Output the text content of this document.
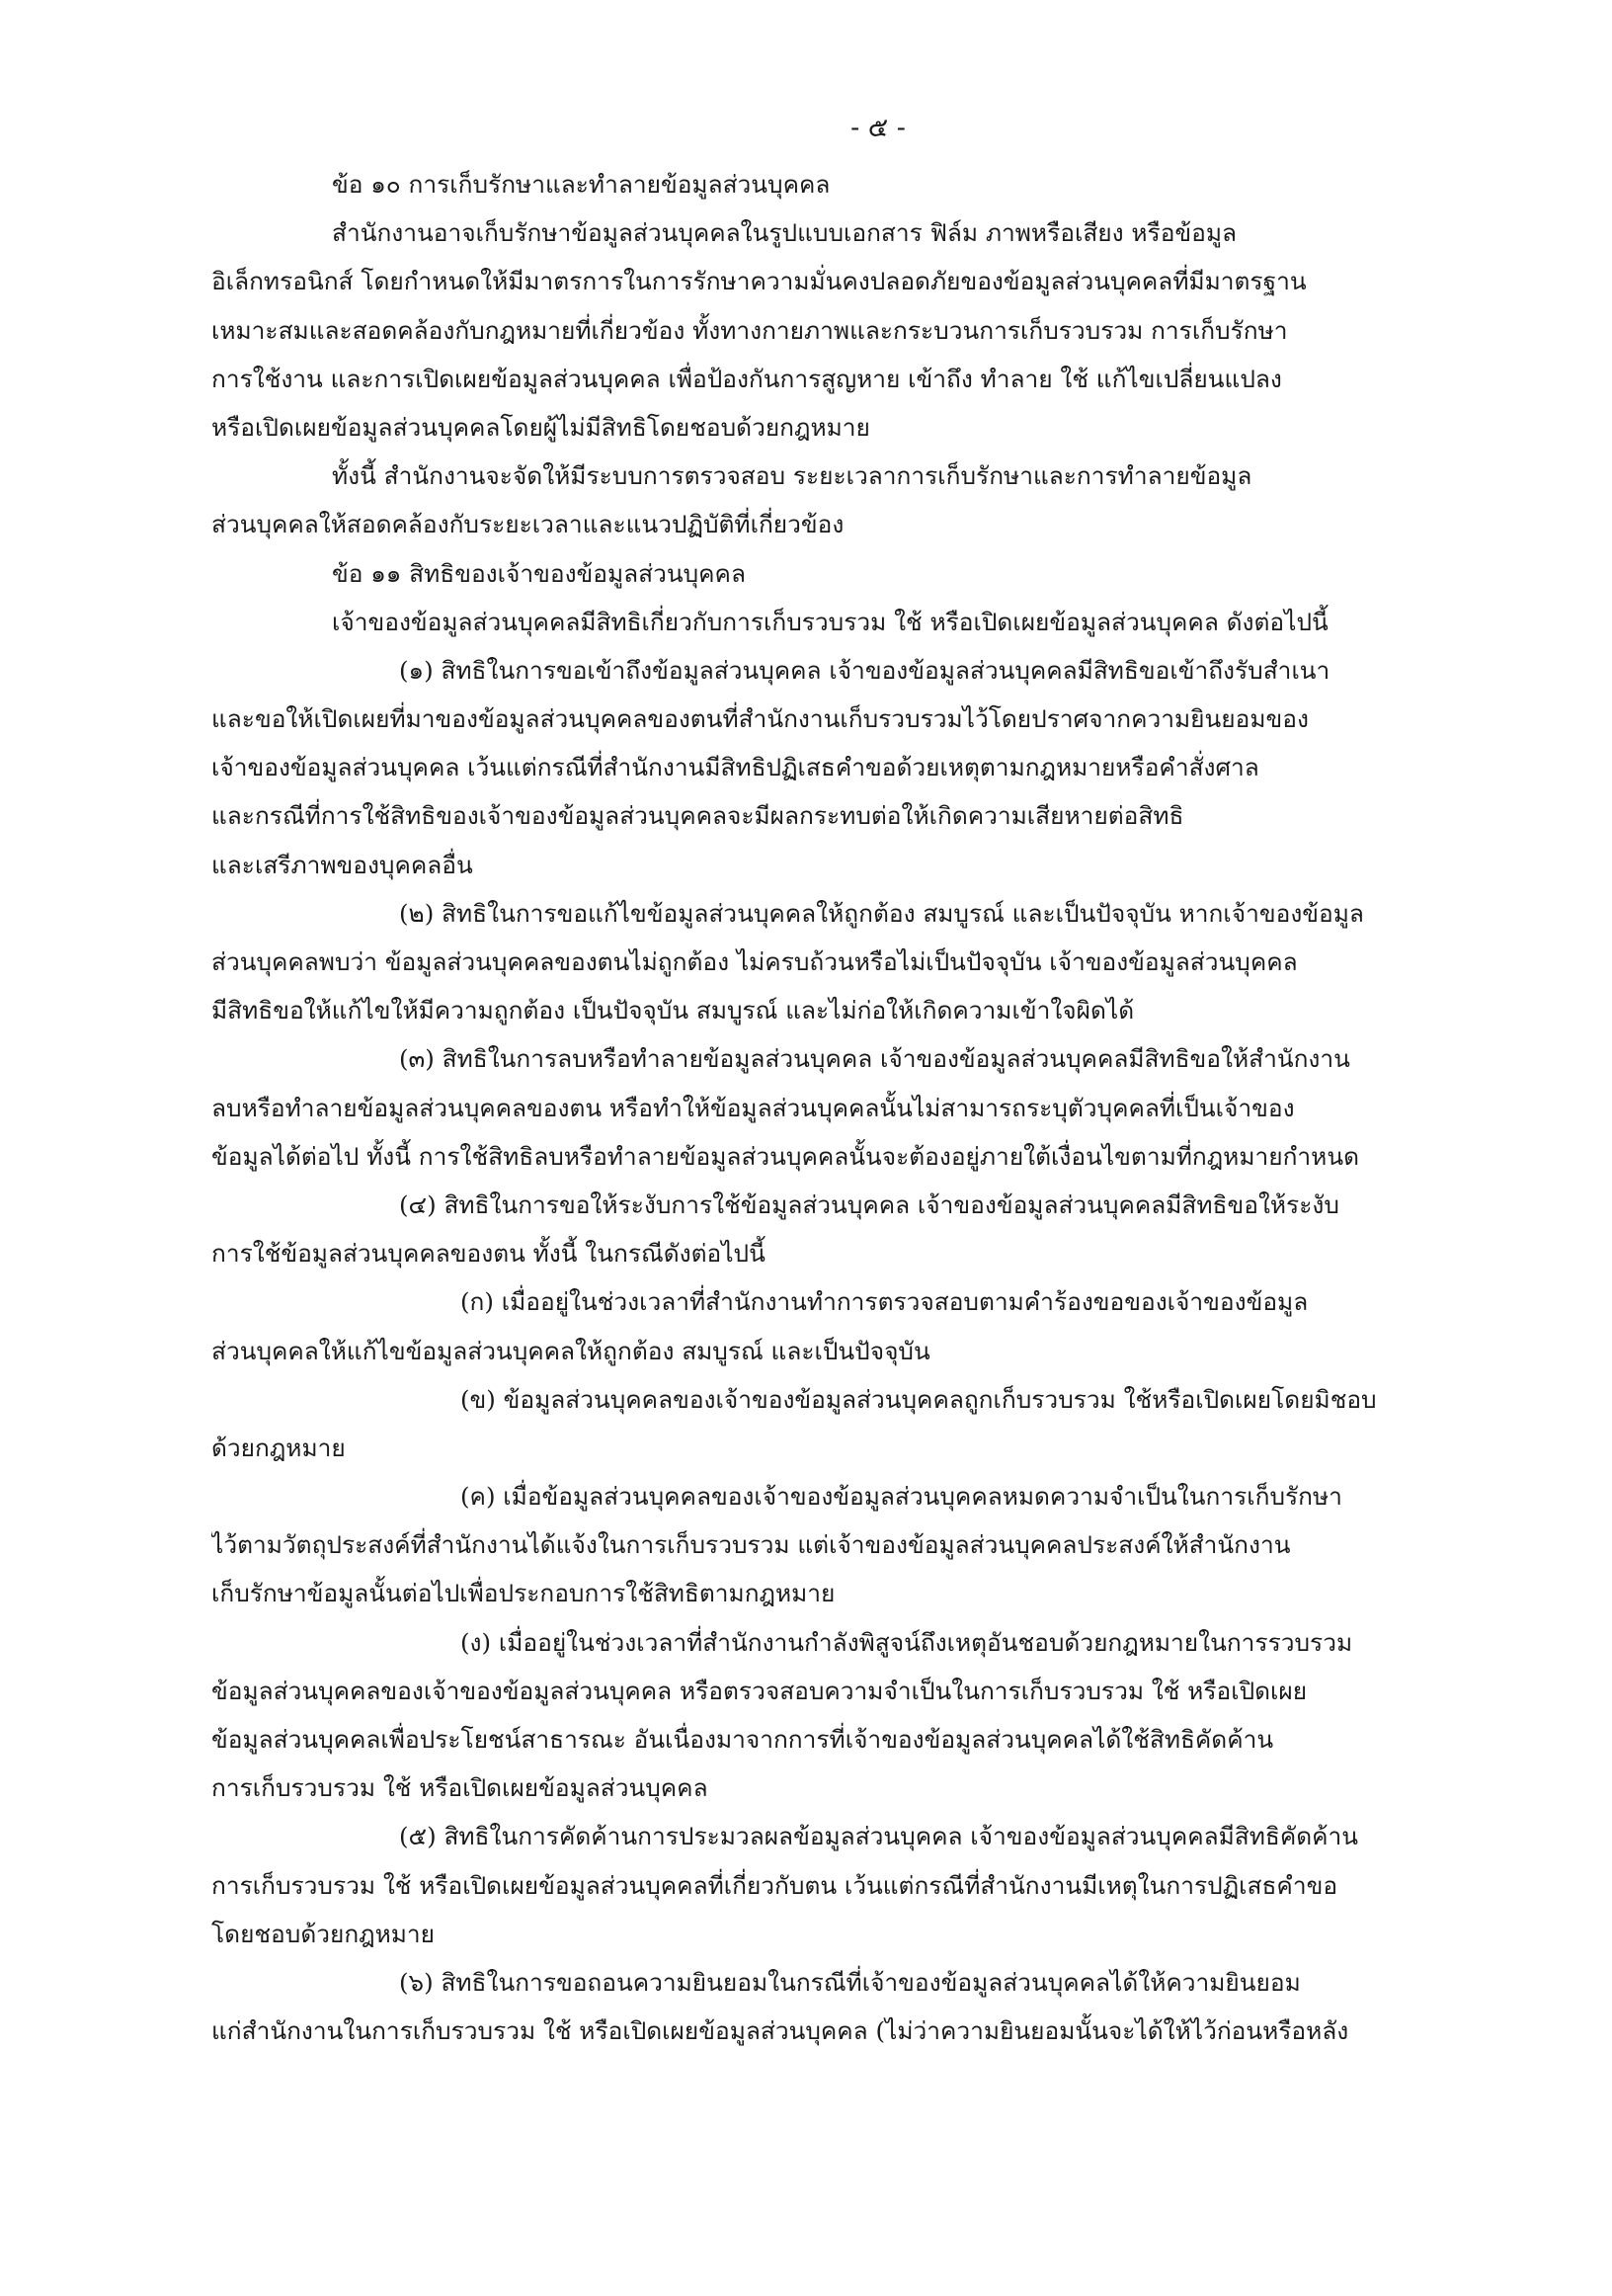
- ๕ -
ข้อ ๑๐ การเก็บรักษาและทำลายข้อมูลส่วนบุคคล
สำนักงานอาจเก็บรักษาข้อมูลส่วนบุคคลในรูปแบบเอกสาร ฟิล์ม ภาพหรือเสียง หรือข้อมูล
อิเล็กทรอนิกส์ โดยกำหนดให้มีมาตรการในการรักษาความมั่นคงปลอดภัยของข้อมูลส่วนบุคคลที่มีมาตรฐาน
เหมาะสมและสอดคล้องกับกฎหมายที่เกี่ยวข้อง ทั้งทางกายภาพและกระบวนการเก็บรวบรวม การเก็บรักษา
การใช้งาน และการเปิดเผยข้อมูลส่วนบุคคล เพื่อป้องกันการสูญหาย เข้าถึง ทำลาย ใช้ แก้ไขเปลี่ยนแปลง
หรือเปิดเผยข้อมูลส่วนบุคคลโดยผู้ไม่มีสิทธิโดยชอบด้วยกฎหมาย
ทั้งนี้ สำนักงานจะจัดให้มีระบบการตรวจสอบ ระยะเวลาการเก็บรักษาและการทำลายข้อมูล
ส่วนบุคคลให้สอดคล้องกับระยะเวลาและแนวปฏิบัติที่เกี่ยวข้อง
ข้อ ๑๑ สิทธิของเจ้าของข้อมูลส่วนบุคคล
เจ้าของข้อมูลส่วนบุคคลมีสิทธิเกี่ยวกับการเก็บรวบรวม ใช้ หรือเปิดเผยข้อมูลส่วนบุคคล ดังต่อไปนี้
(๑) สิทธิในการขอเข้าถึงข้อมูลส่วนบุคคล เจ้าของข้อมูลส่วนบุคคลมีสิทธิขอเข้าถึงรับสำเนา
และขอให้เปิดเผยที่มาของข้อมูลส่วนบุคคลของตนที่สำนักงานเก็บรวบรวมไว้โดยปราศจากความยินยอมของ
เจ้าของข้อมูลส่วนบุคคล เว้นแต่กรณีที่สำนักงานมีสิทธิปฏิเสธคำขอด้วยเหตุตามกฎหมายหรือคำสั่งศาล
และกรณีที่การใช้สิทธิของเจ้าของข้อมูลส่วนบุคคลจะมีผลกระทบต่อให้เกิดความเสียหายต่อสิทธิ
และเสรีภาพของบุคคลอื่น
(๒) สิทธิในการขอแก้ไขข้อมูลส่วนบุคคลให้ถูกต้อง สมบูรณ์ และเป็นปัจจุบัน หากเจ้าของข้อมูล
ส่วนบุคคลพบว่า ข้อมูลส่วนบุคคลของตนไม่ถูกต้อง ไม่ครบถ้วนหรือไม่เป็นปัจจุบัน เจ้าของข้อมูลส่วนบุคคล
มีสิทธิขอให้แก้ไขให้มีความถูกต้อง เป็นปัจจุบัน สมบูรณ์ และไม่ก่อให้เกิดความเข้าใจผิดได้
(๓) สิทธิในการลบหรือทำลายข้อมูลส่วนบุคคล เจ้าของข้อมูลส่วนบุคคลมีสิทธิขอให้สำนักงาน
ลบหรือทำลายข้อมูลส่วนบุคคลของตน หรือทำให้ข้อมูลส่วนบุคคลนั้นไม่สามารถระบุตัวบุคคลที่เป็นเจ้าของ
ข้อมูลได้ต่อไป ทั้งนี้ การใช้สิทธิลบหรือทำลายข้อมูลส่วนบุคคลนั้นจะต้องอยู่ภายใต้เงื่อนไขตามที่กฎหมายกำหนด
(๔) สิทธิในการขอให้ระงับการใช้ข้อมูลส่วนบุคคล เจ้าของข้อมูลส่วนบุคคลมีสิทธิขอให้ระงับ
การใช้ข้อมูลส่วนบุคคลของตน ทั้งนี้ ในกรณีดังต่อไปนี้
(ก) เมื่ออยู่ในช่วงเวลาที่สำนักงานทำการตรวจสอบตามคำร้องขอของเจ้าของข้อมูล
ส่วนบุคคลให้แก้ไขข้อมูลส่วนบุคคลให้ถูกต้อง สมบูรณ์ และเป็นปัจจุบัน
(ข) ข้อมูลส่วนบุคคลของเจ้าของข้อมูลส่วนบุคคลถูกเก็บรวบรวม ใช้หรือเปิดเผยโดยมิชอบ
ด้วยกฎหมาย
(ค) เมื่อข้อมูลส่วนบุคคลของเจ้าของข้อมูลส่วนบุคคลหมดความจำเป็นในการเก็บรักษา
ไว้ตามวัตถุประสงค์ที่สำนักงานได้แจ้งในการเก็บรวบรวม แต่เจ้าของข้อมูลส่วนบุคคลประสงค์ให้สำนักงาน
เก็บรักษาข้อมูลนั้นต่อไปเพื่อประกอบการใช้สิทธิตามกฎหมาย
(ง) เมื่ออยู่ในช่วงเวลาที่สำนักงานกำลังพิสูจน์ถึงเหตุอันชอบด้วยกฎหมายในการรวบรวม
ข้อมูลส่วนบุคคลของเจ้าของข้อมูลส่วนบุคคล หรือตรวจสอบความจำเป็นในการเก็บรวบรวม ใช้ หรือเปิดเผย
ข้อมูลส่วนบุคคลเพื่อประโยชน์สาธารณะ อันเนื่องมาจากการที่เจ้าของข้อมูลส่วนบุคคลได้ใช้สิทธิคัดค้าน
การเก็บรวบรวม ใช้ หรือเปิดเผยข้อมูลส่วนบุคคล
(๕) สิทธิในการคัดค้านการประมวลผลข้อมูลส่วนบุคคล เจ้าของข้อมูลส่วนบุคคลมีสิทธิคัดค้าน
การเก็บรวบรวม ใช้ หรือเปิดเผยข้อมูลส่วนบุคคลที่เกี่ยวกับตน เว้นแต่กรณีที่สำนักงานมีเหตุในการปฏิเสธคำขอ
โดยชอบด้วยกฎหมาย
(๖) สิทธิในการขอถอนความยินยอมในกรณีที่เจ้าของข้อมูลส่วนบุคคลได้ให้ความยินยอม
แก่สำนักงานในการเก็บรวบรวม ใช้ หรือเปิดเผยข้อมูลส่วนบุคคล (ไม่ว่าความยินยอมนั้นจะได้ให้ไว้ก่อนหรือหลัง
